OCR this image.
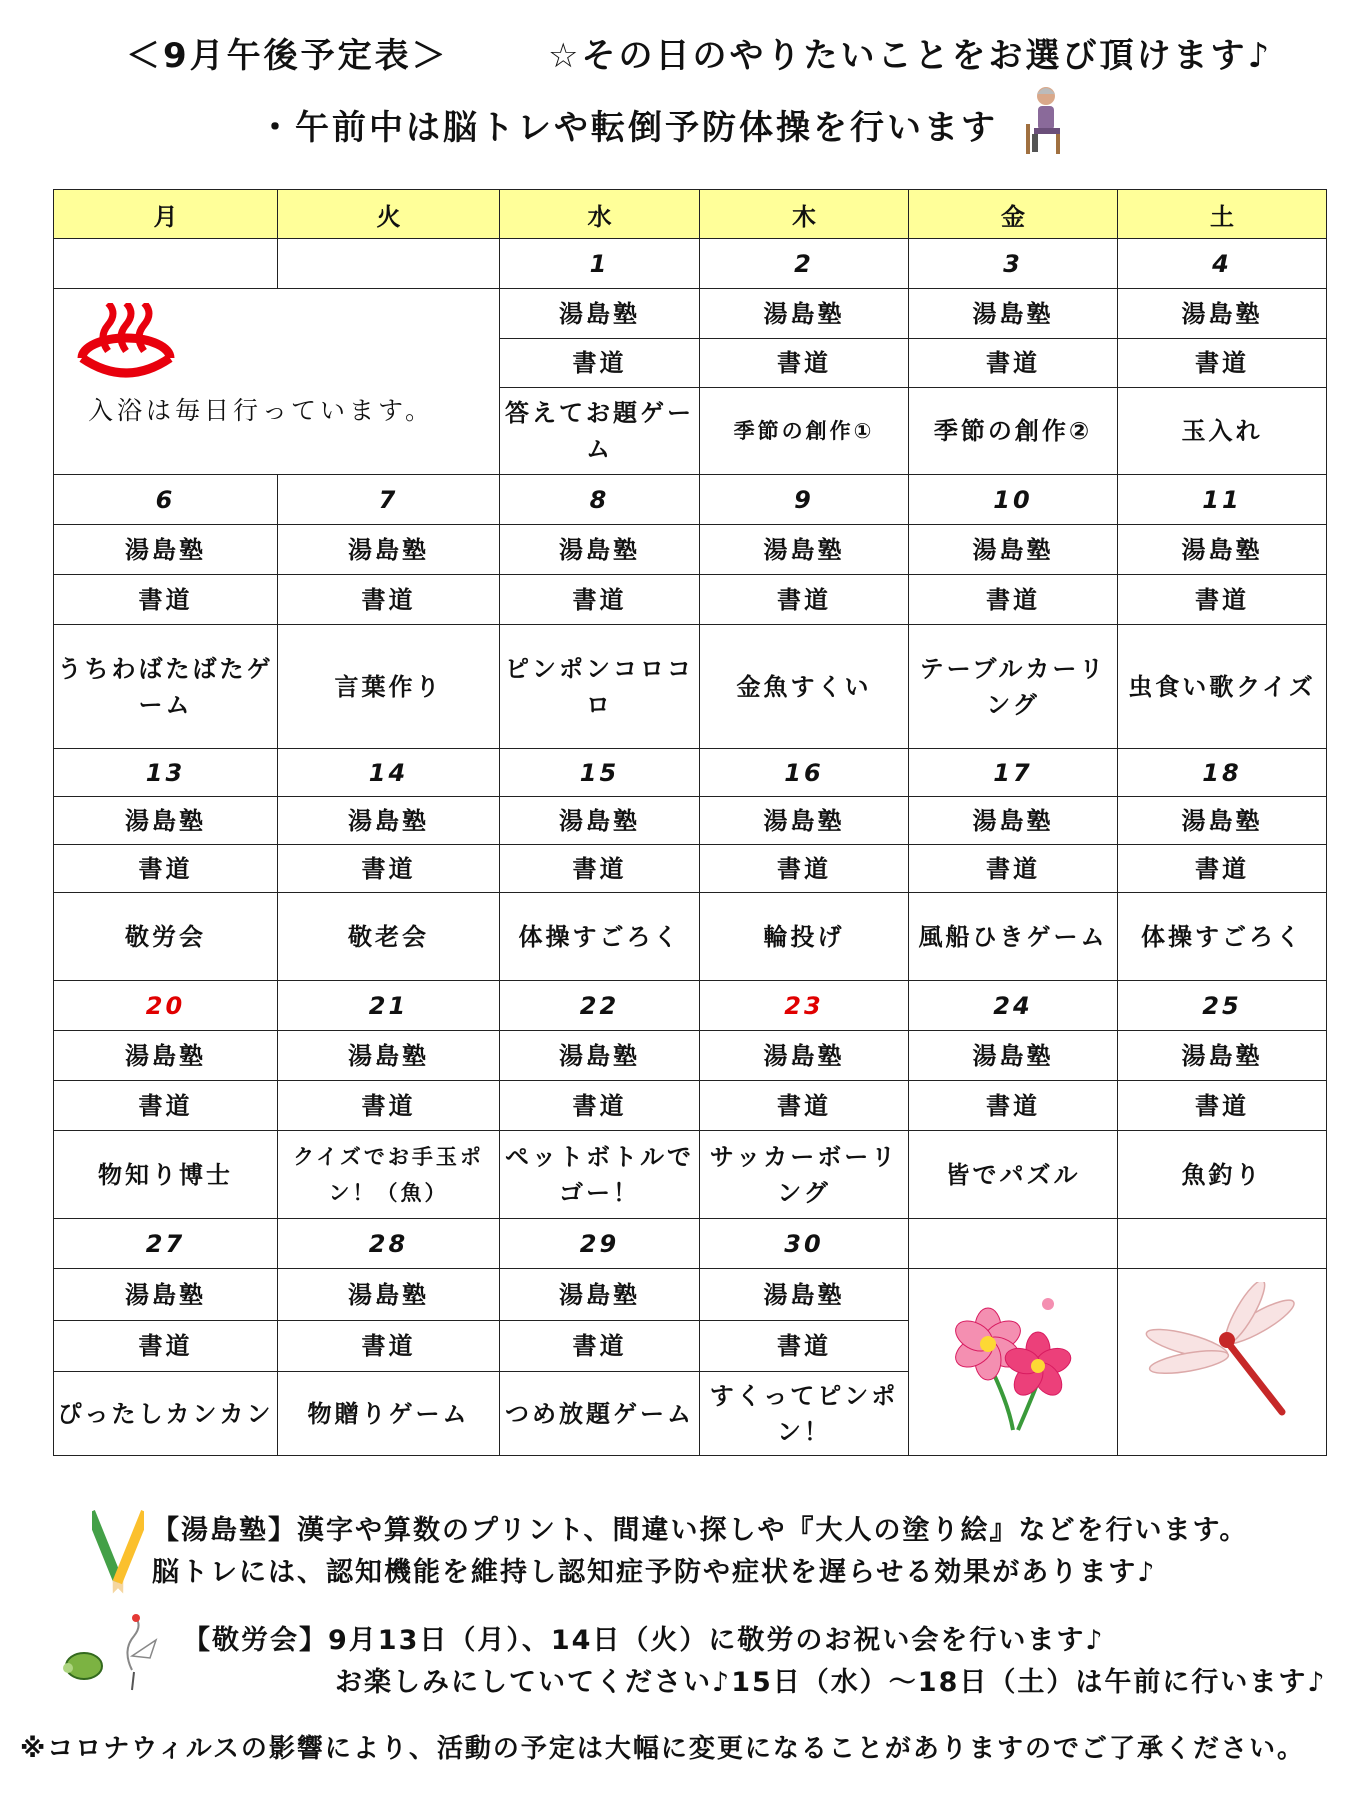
＜9月午後予定表＞	☆その日のやりたいことをお選び頂けます♪
・午前中は脳トレや転倒予防体操を行います
月	火	水	木	金	土
		1	2	3	4

入浴は毎日行っています。		湯島塾	湯島塾	湯島塾	湯島塾
		書道	書道	書道	書道
		答えてお題ゲーム	季節の創作①	季節の創作②	玉入れ
6	7	8	9	10	11
湯島塾	湯島塾	湯島塾	湯島塾	湯島塾	湯島塾
書道	書道	書道	書道	書道	書道
うちわばたばたゲーム	言葉作り	ピンポンコロコロ	金魚すくい	テーブルカーリング	虫食い歌クイズ
13	14	15	16	17	18
湯島塾	湯島塾	湯島塾	湯島塾	湯島塾	湯島塾
書道	書道	書道	書道	書道	書道
敬労会	敬老会	体操すごろく	輪投げ	風船ひきゲーム	体操すごろく
20	21	22	23	24	25
湯島塾	湯島塾	湯島塾	湯島塾	湯島塾	湯島塾
書道	書道	書道	書道	書道	書道
物知り博士	クイズでお手玉ポン！（魚）	ペットボトルでゴー！	サッカーボーリング	皆でパズル	魚釣り
27	28	29	30		
湯島塾	湯島塾	湯島塾	湯島塾		
書道	書道	書道	書道		
ぴったしカンカン	物贈りゲーム	つめ放題ゲーム	すくってピンポン！		
【湯島塾】漢字や算数のプリント、間違い探しや『大人の塗り絵』などを行います。
脳トレには、認知機能を維持し認知症予防や症状を遅らせる効果があります♪
【敬労会】9月13日（月）、14日（火）に敬労のお祝い会を行います♪
お楽しみにしていてください♪15日（水）～18日（土）は午前に行います♪
※コロナウィルスの影響により、活動の予定は大幅に変更になることがありますのでご了承ください。
